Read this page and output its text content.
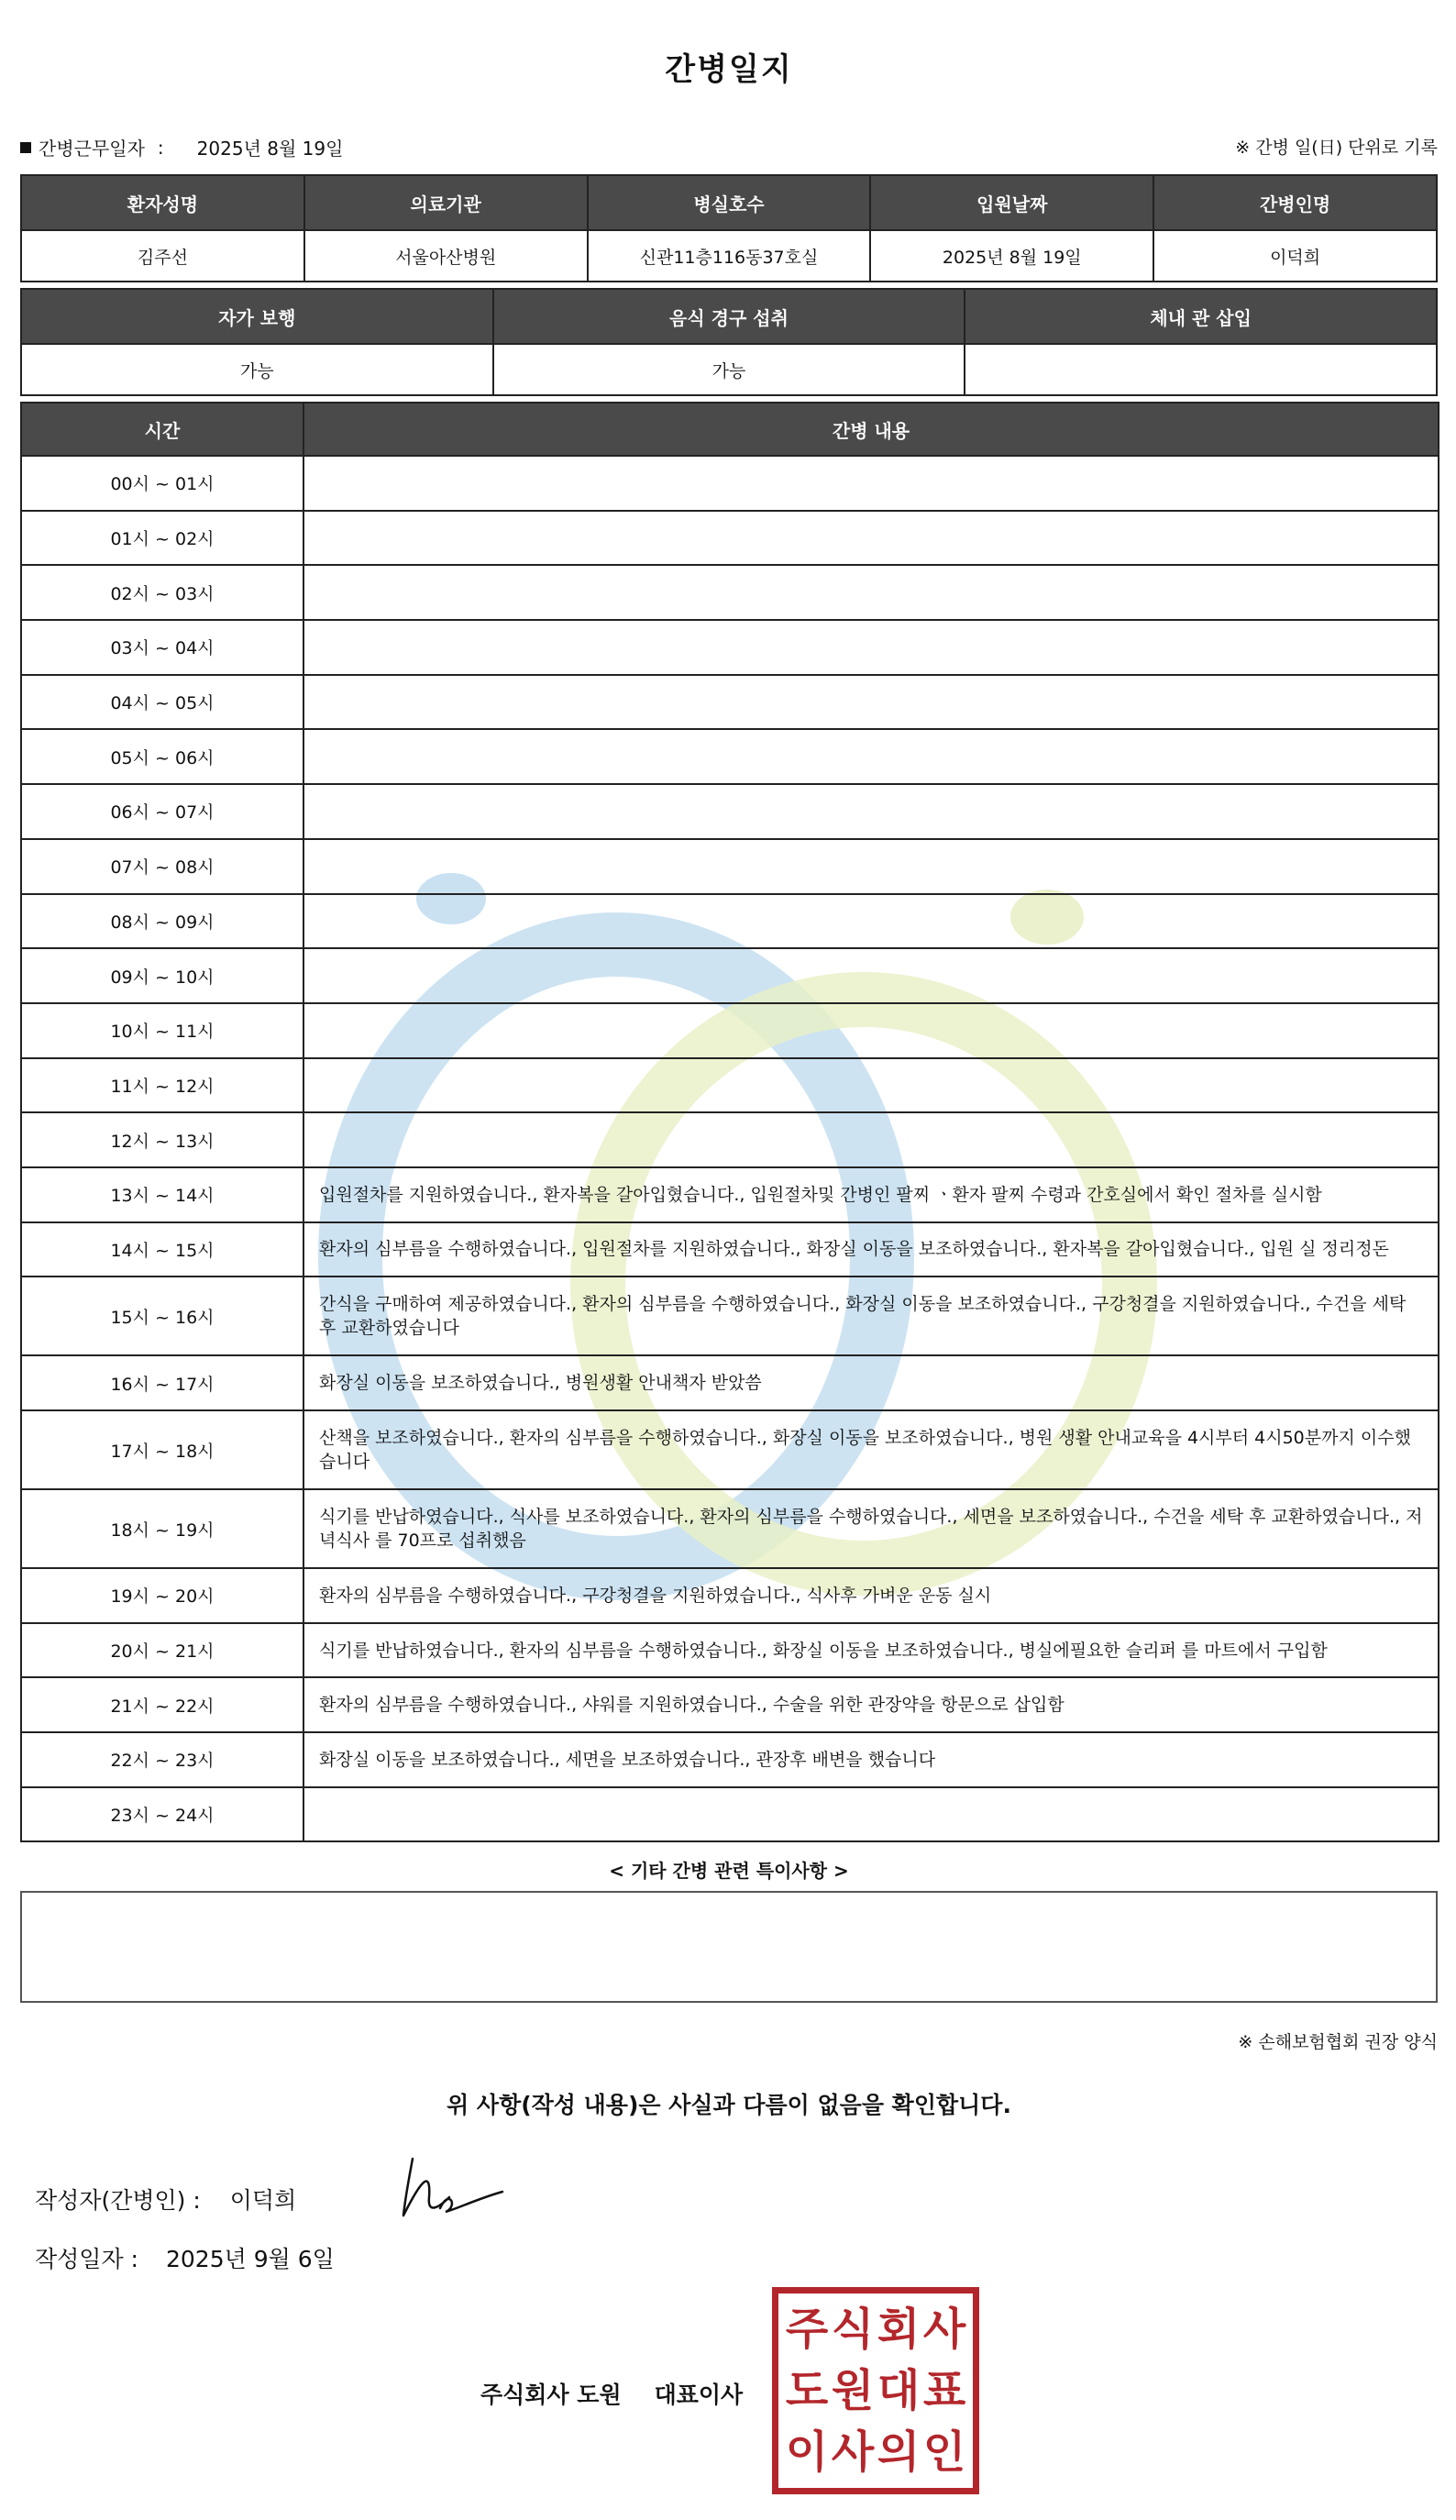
간병일지
간병근무일자 : 2025년 8월 19일	※ 간병 일(日) 단위로 기록
환자성명	의료기관	병실호수	입원날짜	간병인명
김주선	서울아산병원	신관11층116동37호실	2025년 8월 19일	이덕희
자가 보행	음식 경구 섭취	체내 관 삽입
가능	가능	
시간	간병 내용
00시 ~ 01시	
01시 ~ 02시	
02시 ~ 03시	
03시 ~ 04시	
04시 ~ 05시	
05시 ~ 06시	
06시 ~ 07시	
07시 ~ 08시	
08시 ~ 09시	
09시 ~ 10시	
10시 ~ 11시	
11시 ~ 12시	
12시 ~ 13시	
13시 ~ 14시	입원절차를 지원하였습니다., 환자복을 갈아입혔습니다., 입원절차및 간병인 팔찌 ㆍ환자 팔찌 수령과 간호실에서 확인 절차를 실시함
14시 ~ 15시	환자의 심부름을 수행하였습니다., 입원절차를 지원하였습니다., 화장실 이동을 보조하였습니다., 환자복을 갈아입혔습니다., 입원 실 정리정돈
15시 ~ 16시	간식을 구매하여 제공하였습니다., 환자의 심부름을 수행하였습니다., 화장실 이동을 보조하였습니다., 구강청결을 지원하였습니다., 수건을 세탁 후 교환하였습니다
16시 ~ 17시	화장실 이동을 보조하였습니다., 병원생활 안내책자 받았씀
17시 ~ 18시	산책을 보조하였습니다., 환자의 심부름을 수행하였습니다., 화장실 이동을 보조하였습니다., 병원 생활 안내교육을 4시부터 4시50분까지 이수했습니다
18시 ~ 19시	식기를 반납하였습니다., 식사를 보조하였습니다., 환자의 심부름을 수행하였습니다., 세면을 보조하였습니다., 수건을 세탁 후 교환하였습니다., 저녁식사 를 70프로 섭취했음
19시 ~ 20시	환자의 심부름을 수행하였습니다., 구강청결을 지원하였습니다., 식사후 가벼운 운동 실시
20시 ~ 21시	식기를 반납하였습니다., 환자의 심부름을 수행하였습니다., 화장실 이동을 보조하였습니다., 병실에필요한 슬리퍼 를 마트에서 구입함
21시 ~ 22시	환자의 심부름을 수행하였습니다., 샤워를 지원하였습니다., 수술을 위한 관장약을 항문으로 삽입함
22시 ~ 23시	화장실 이동을 보조하였습니다., 세면을 보조하였습니다., 관장후 배변을 했습니다
23시 ~ 24시	
< 기타 간병 관련 특이사항 >
※ 손해보험협회 권장 양식
위 사항(작성 내용)은 사실과 다름이 없음을 확인합니다.
작성자(간병인) : 이덕희
작성일자 : 2025년 9월 6일
주식회사 도원 대표이사
주 식 회 사
도 원 대 표
이 사 의 인
